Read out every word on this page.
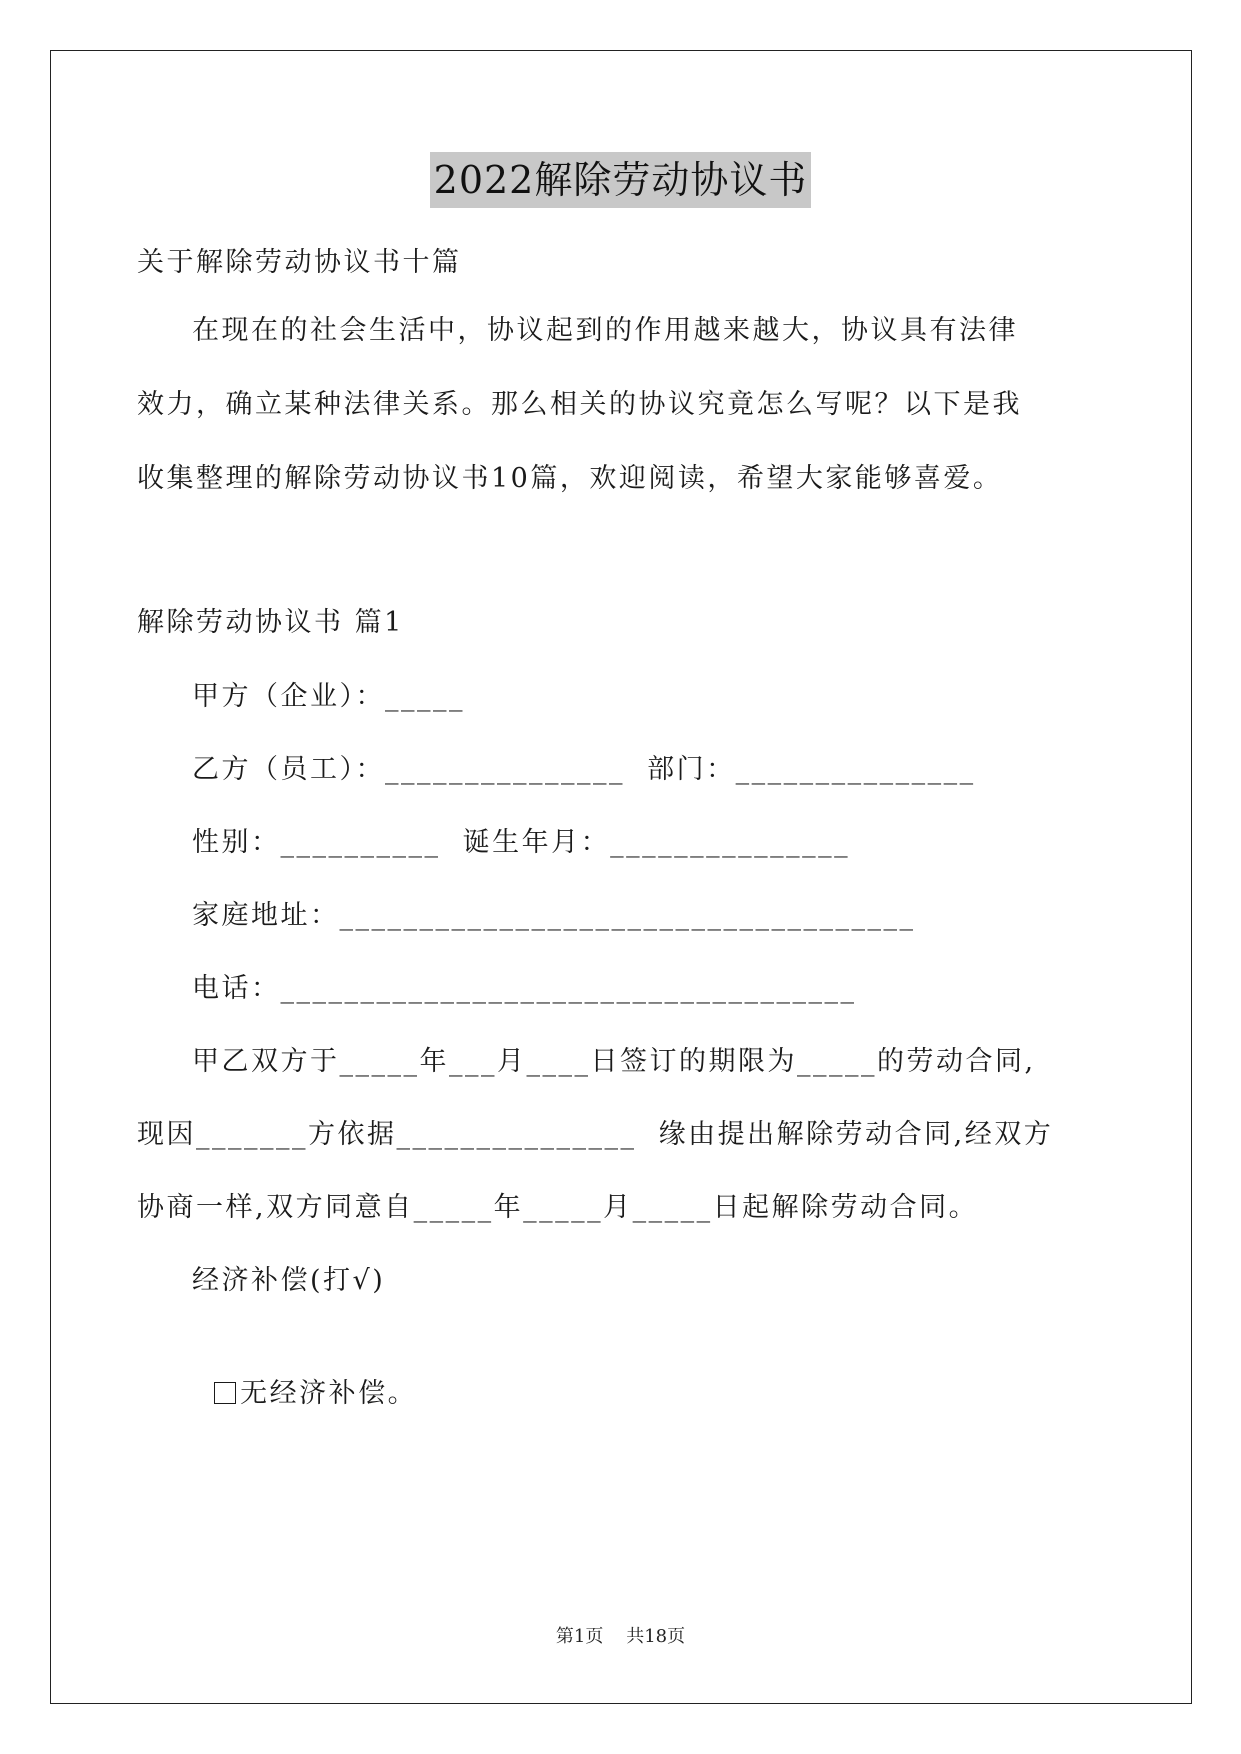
2022解除劳动协议书
关于解除劳动协议书十篇
在现在的社会生活中，协议起到的作用越来越大，协议具有法律
效力，确立某种法律关系。那么相关的协议究竟怎么写呢？以下是我
收集整理的解除劳动协议书10篇，欢迎阅读，希望大家能够喜爱。
解除劳动协议书 篇1
甲方（企业）：_____
乙方（员工）：_______________  部门：_______________
性别：__________  诞生年月：_______________
家庭地址：____________________________________
电话：____________________________________
甲乙双方于_____年___月____日签订的期限为_____的劳动合同,
现因_______方依据_______________  缘由提出解除劳动合同,经双方
协商一样,双方同意自_____年_____月_____日起解除劳动合同。
经济补偿(打√)

无经济补偿。

第1页 共18页
